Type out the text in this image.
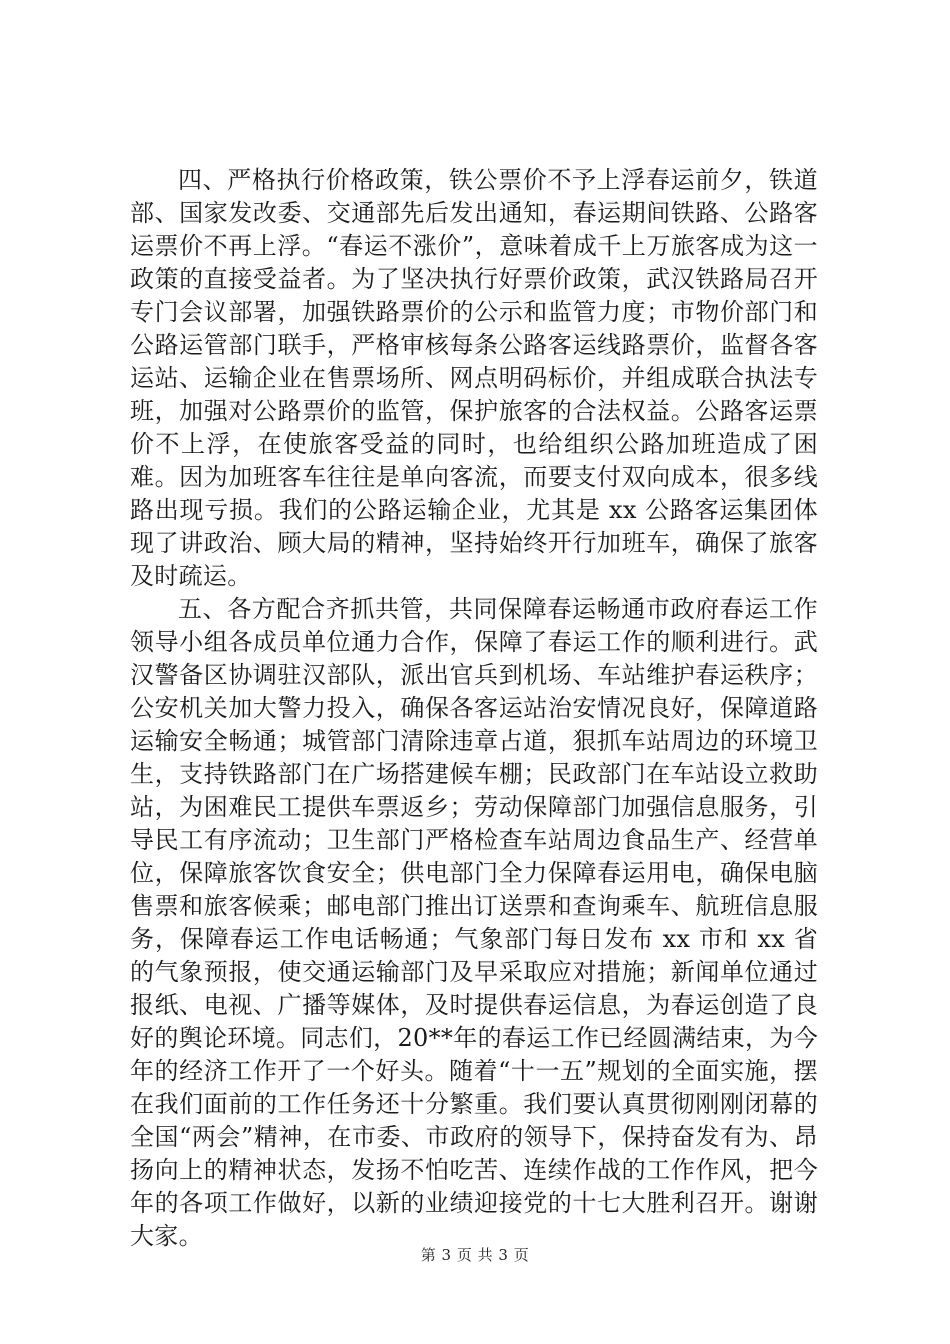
四、严格执行价格政策，铁公票价不予上浮春运前夕，铁道部、国家发改委、交通部先后发出通知，春运期间铁路、公路客运票价不再上浮。“春运不涨价”，意味着成千上万旅客成为这一政策的直接受益者。为了坚决执行好票价政策，武汉铁路局召开专门会议部署，加强铁路票价的公示和监管力度；市物价部门和公路运管部门联手，严格审核每条公路客运线路票价，监督各客运站、运输企业在售票场所、网点明码标价，并组成联合执法专班，加强对公路票价的监管，保护旅客的合法权益。公路客运票价不上浮，在使旅客受益的同时，也给组织公路加班造成了困难。因为加班客车往往是单向客流，而要支付双向成本，很多线路出现亏损。我们的公路运输企业，尤其是 xx 公路客运集团体现了讲政治、顾大局的精神，坚持始终开行加班车，确保了旅客及时疏运。

五、各方配合齐抓共管，共同保障春运畅通市政府春运工作领导小组各成员单位通力合作，保障了春运工作的顺利进行。武汉警备区协调驻汉部队，派出官兵到机场、车站维护春运秩序；公安机关加大警力投入，确保各客运站治安情况良好，保障道路运输安全畅通；城管部门清除违章占道，狠抓车站周边的环境卫生，支持铁路部门在广场搭建候车棚；民政部门在车站设立救助站，为困难民工提供车票返乡；劳动保障部门加强信息服务，引导民工有序流动；卫生部门严格检查车站周边食品生产、经营单位，保障旅客饮食安全；供电部门全力保障春运用电，确保电脑售票和旅客候乘；邮电部门推出订送票和查询乘车、航班信息服务，保障春运工作电话畅通；气象部门每日发布 xx 市和 xx 省的气象预报，使交通运输部门及早采取应对措施；新闻单位通过报纸、电视、广播等媒体，及时提供春运信息，为春运创造了良好的舆论环境。同志们，20**年的春运工作已经圆满结束，为今年的经济工作开了一个好头。随着“十一五”规划的全面实施，摆在我们面前的工作任务还十分繁重。我们要认真贯彻刚刚闭幕的全国“两会”精神，在市委、市政府的领导下，保持奋发有为、昂扬向上的精神状态，发扬不怕吃苦、连续作战的工作作风，把今年的各项工作做好，以新的业绩迎接党的十七大胜利召开。谢谢大家。

第 3 页 共 3 页
